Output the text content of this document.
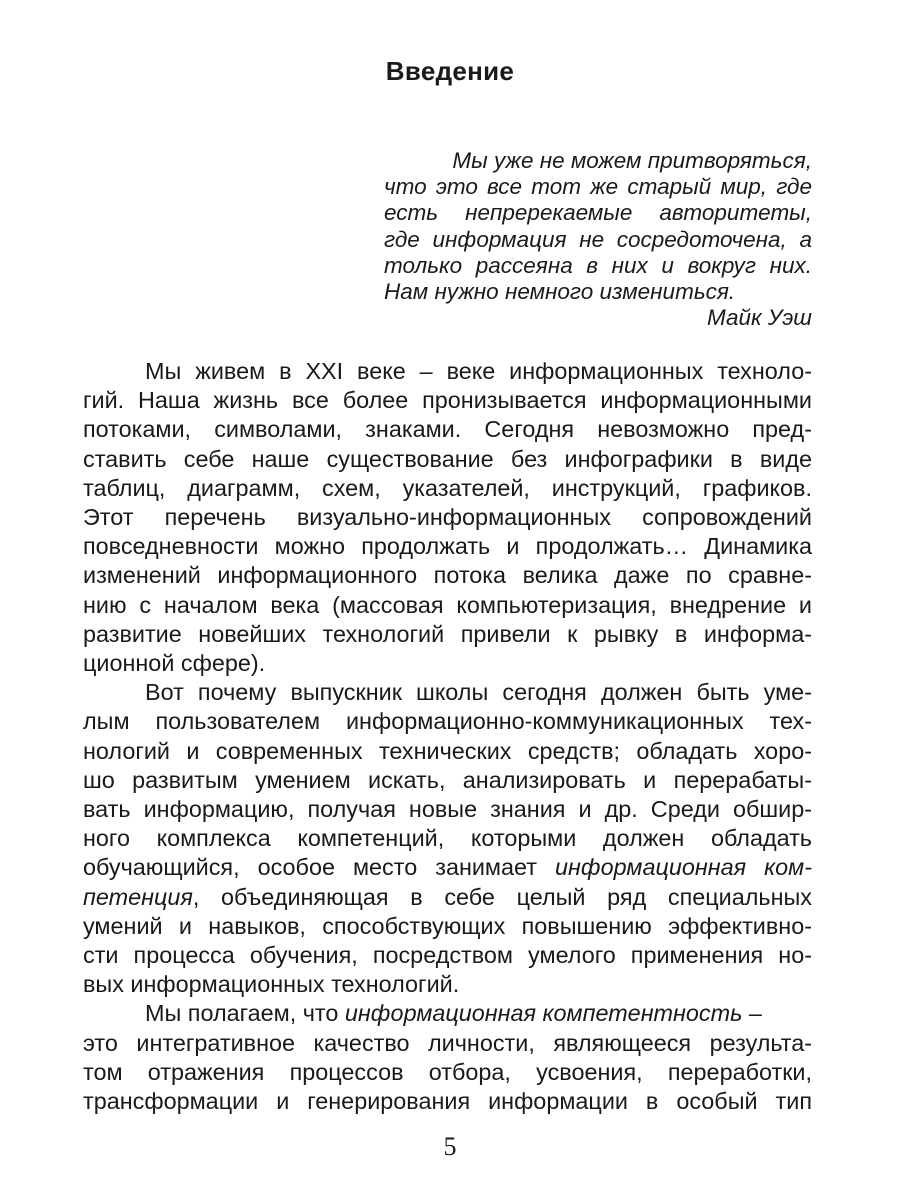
Введение
Мы уже не можем притворяться,
что это все тот же старый мир, где
есть непререкаемые авторитеты,
где информация не сосредоточена, а
только рассеяна в них и вокруг них.
Нам нужно немного измениться.
Майк Уэш
Мы живем в XXI веке – веке информационных техноло-
гий. Наша жизнь все более пронизывается информационными
потоками, символами, знаками. Сегодня невозможно пред-
ставить себе наше существование без инфографики в виде
таблиц, диаграмм, схем, указателей, инструкций, графиков.
Этот перечень визуально-информационных сопровождений
повседневности можно продолжать и продолжать… Динамика
изменений информационного потока велика даже по сравне-
нию с началом века (массовая компьютеризация, внедрение и
развитие новейших технологий привели к рывку в информа-
ционной сфере).
Вот почему выпускник школы сегодня должен быть уме-
лым пользователем информационно-коммуникационных тех-
нологий и современных технических средств; обладать хоро-
шо развитым умением искать, анализировать и перерабаты-
вать информацию, получая новые знания и др. Среди обшир-
ного комплекса компетенций, которыми должен обладать
обучающийся, особое место занимает информационная ком-
петенция, объединяющая в себе целый ряд специальных
умений и навыков, способствующих повышению эффективно-
сти процесса обучения, посредством умелого применения но-
вых информационных технологий.
Мы полагаем, что информационная компетентность –
это интегративное качество личности, являющееся результа-
том отражения процессов отбора, усвоения, переработки,
трансформации и генерирования информации в особый тип
5
